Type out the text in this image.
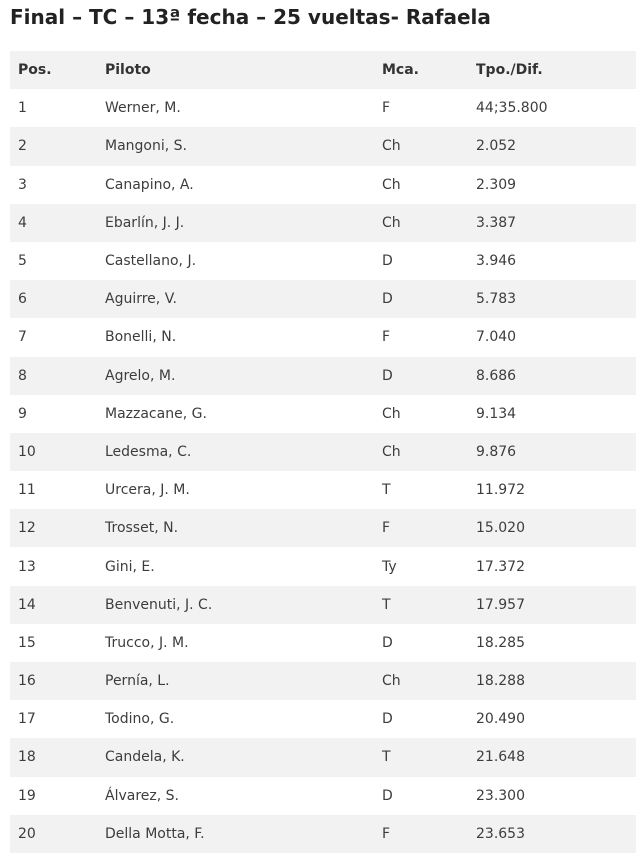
Final – TC – 13ª fecha – 25 vueltas- Rafaela
Pos.	Piloto	Mca.	Tpo./Dif.
1	Werner, M.	F	44;35.800
2	Mangoni, S.	Ch	2.052
3	Canapino, A.	Ch	2.309
4	Ebarlín, J. J.	Ch	3.387
5	Castellano, J.	D	3.946
6	Aguirre, V.	D	5.783
7	Bonelli, N.	F	7.040
8	Agrelo, M.	D	8.686
9	Mazzacane, G.	Ch	9.134
10	Ledesma, C.	Ch	9.876
11	Urcera, J. M.	T	11.972
12	Trosset, N.	F	15.020
13	Gini, E.	Ty	17.372
14	Benvenuti, J. C.	T	17.957
15	Trucco, J. M.	D	18.285
16	Pernía, L.	Ch	18.288
17	Todino, G.	D	20.490
18	Candela, K.	T	21.648
19	Álvarez, S.	D	23.300
20	Della Motta, F.	F	23.653
